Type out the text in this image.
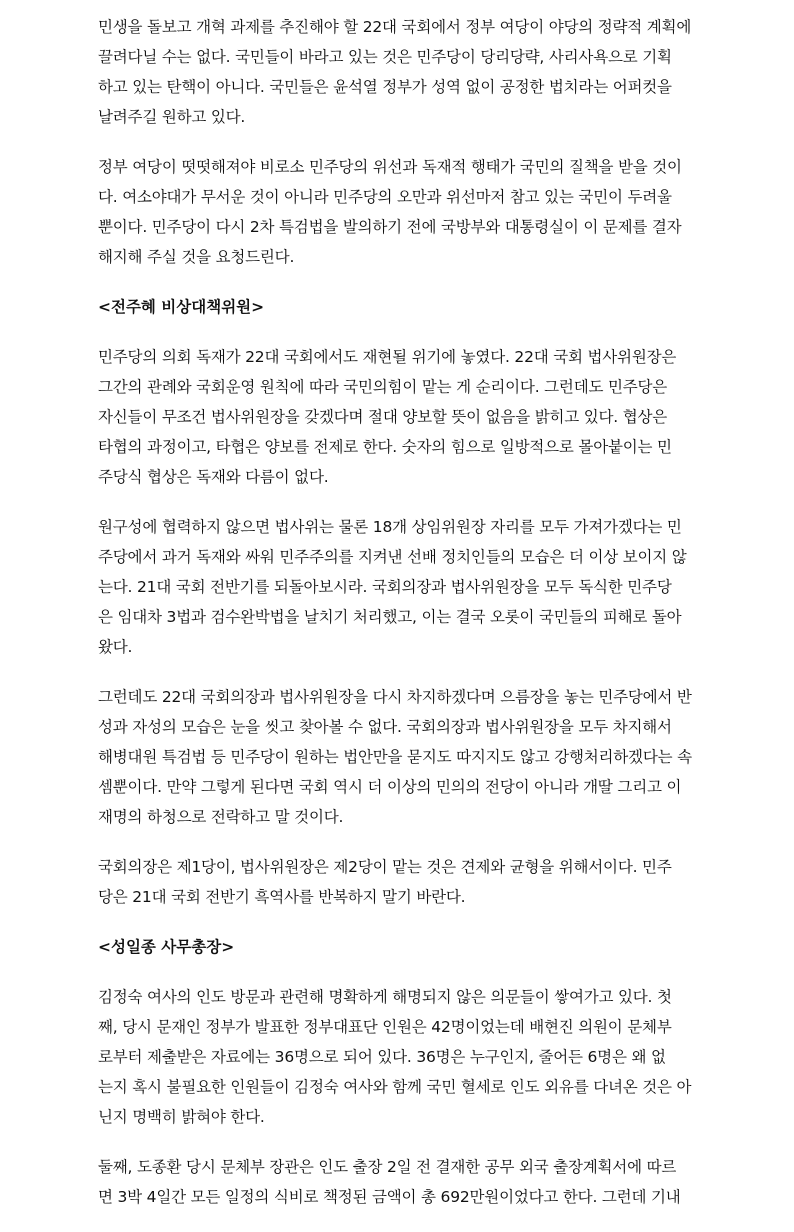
민생을 돌보고 개혁 과제를 추진해야 할 22대 국회에서 정부 여당이 야당의 정략적 계획에
끌려다닐 수는 없다. 국민들이 바라고 있는 것은 민주당이 당리당략, 사리사욕으로 기획
하고 있는 탄핵이 아니다. 국민들은 윤석열 정부가 성역 없이 공정한 법치라는 어퍼컷을
날려주길 원하고 있다.

정부 여당이 떳떳해져야 비로소 민주당의 위선과 독재적 행태가 국민의 질책을 받을 것이
다. 여소야대가 무서운 것이 아니라 민주당의 오만과 위선마저 참고 있는 국민이 두려울
뿐이다. 민주당이 다시 2차 특검법을 발의하기 전에 국방부와 대통령실이 이 문제를 결자
해지해 주실 것을 요청드린다.

<전주혜 비상대책위원>

민주당의 의회 독재가 22대 국회에서도 재현될 위기에 놓였다. 22대 국회 법사위원장은
그간의 관례와 국회운영 원칙에 따라 국민의힘이 맡는 게 순리이다. 그런데도 민주당은
자신들이 무조건 법사위원장을 갖겠다며 절대 양보할 뜻이 없음을 밝히고 있다. 협상은
타협의 과정이고, 타협은 양보를 전제로 한다. 숫자의 힘으로 일방적으로 몰아붙이는 민
주당식 협상은 독재와 다름이 없다.

원구성에 협력하지 않으면 법사위는 물론 18개 상임위원장 자리를 모두 가져가겠다는 민
주당에서 과거 독재와 싸워 민주주의를 지켜낸 선배 정치인들의 모습은 더 이상 보이지 않
는다. 21대 국회 전반기를 되돌아보시라. 국회의장과 법사위원장을 모두 독식한 민주당
은 임대차 3법과 검수완박법을 날치기 처리했고, 이는 결국 오롯이 국민들의 피해로 돌아
왔다.

그런데도 22대 국회의장과 법사위원장을 다시 차지하겠다며 으름장을 놓는 민주당에서 반
성과 자성의 모습은 눈을 씻고 찾아볼 수 없다. 국회의장과 법사위원장을 모두 차지해서
해병대원 특검법 등 민주당이 원하는 법안만을 묻지도 따지지도 않고 강행처리하겠다는 속
셈뿐이다. 만약 그렇게 된다면 국회 역시 더 이상의 민의의 전당이 아니라 개딸 그리고 이
재명의 하청으로 전락하고 말 것이다.

국회의장은 제1당이, 법사위원장은 제2당이 맡는 것은 견제와 균형을 위해서이다. 민주
당은 21대 국회 전반기 흑역사를 반복하지 말기 바란다.

<성일종 사무총장>

김정숙 여사의 인도 방문과 관련해 명확하게 해명되지 않은 의문들이 쌓여가고 있다. 첫
째, 당시 문재인 정부가 발표한 정부대표단 인원은 42명이었는데 배현진 의원이 문체부
로부터 제출받은 자료에는 36명으로 되어 있다. 36명은 누구인지, 줄어든 6명은 왜 없
는지 혹시 불필요한 인원들이 김정숙 여사와 함께 국민 혈세로 인도 외유를 다녀온 것은 아
닌지 명백히 밝혀야 한다.

둘째, 도종환 당시 문체부 장관은 인도 출장 2일 전 결재한 공무 외국 출장계획서에 따르
면 3박 4일간 모든 일정의 식비로 책정된 금액이 총 692만원이었다고 한다. 그런데 기내
